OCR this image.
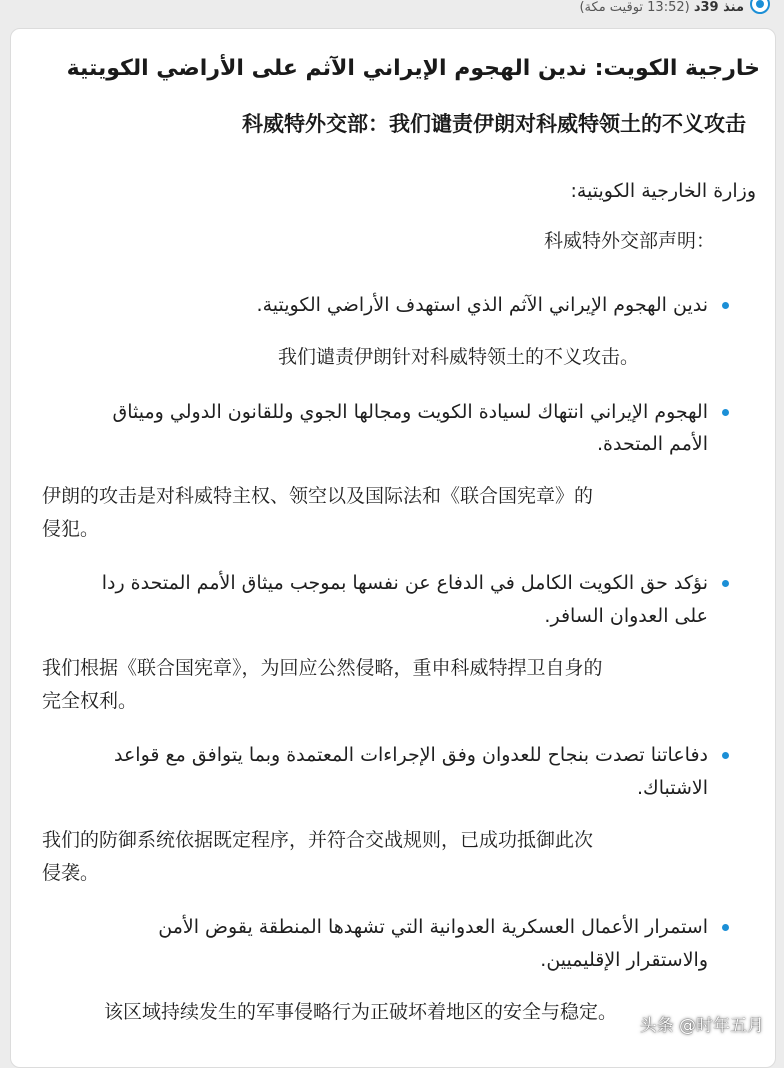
منذ 39د (13:52 توقيت مكة)
خارجية الكويت: ندين الهجوم الإيراني الآثم على الأراضي الكويتية
科威特外交部：我们谴责伊朗对科威特领土的不义攻击
وزارة الخارجية الكويتية:
科威特外交部声明：
ندين الهجوم الإيراني الآثم الذي استهدف الأراضي الكويتية.
我们谴责伊朗针对科威特领土的不义攻击。
الهجوم الإيراني انتهاك لسيادة الكويت ومجالها الجوي وللقانون الدولي وميثاق
الأمم المتحدة.
伊朗的攻击是对科威特主权、领空以及国际法和《联合国宪章》的
侵犯。
نؤكد حق الكويت الكامل في الدفاع عن نفسها بموجب ميثاق الأمم المتحدة ردا
على العدوان السافر.
我们根据《联合国宪章》，为回应公然侵略，重申科威特捍卫自身的
完全权利。
دفاعاتنا تصدت بنجاح للعدوان وفق الإجراءات المعتمدة وبما يتوافق مع قواعد
الاشتباك.
我们的防御系统依据既定程序，并符合交战规则，已成功抵御此次
侵袭。
استمرار الأعمال العسكرية العدوانية التي تشهدها المنطقة يقوض الأمن
والاستقرار الإقليميين.
该区域持续发生的军事侵略行为正破坏着地区的安全与稳定。
头条 @时年五月
